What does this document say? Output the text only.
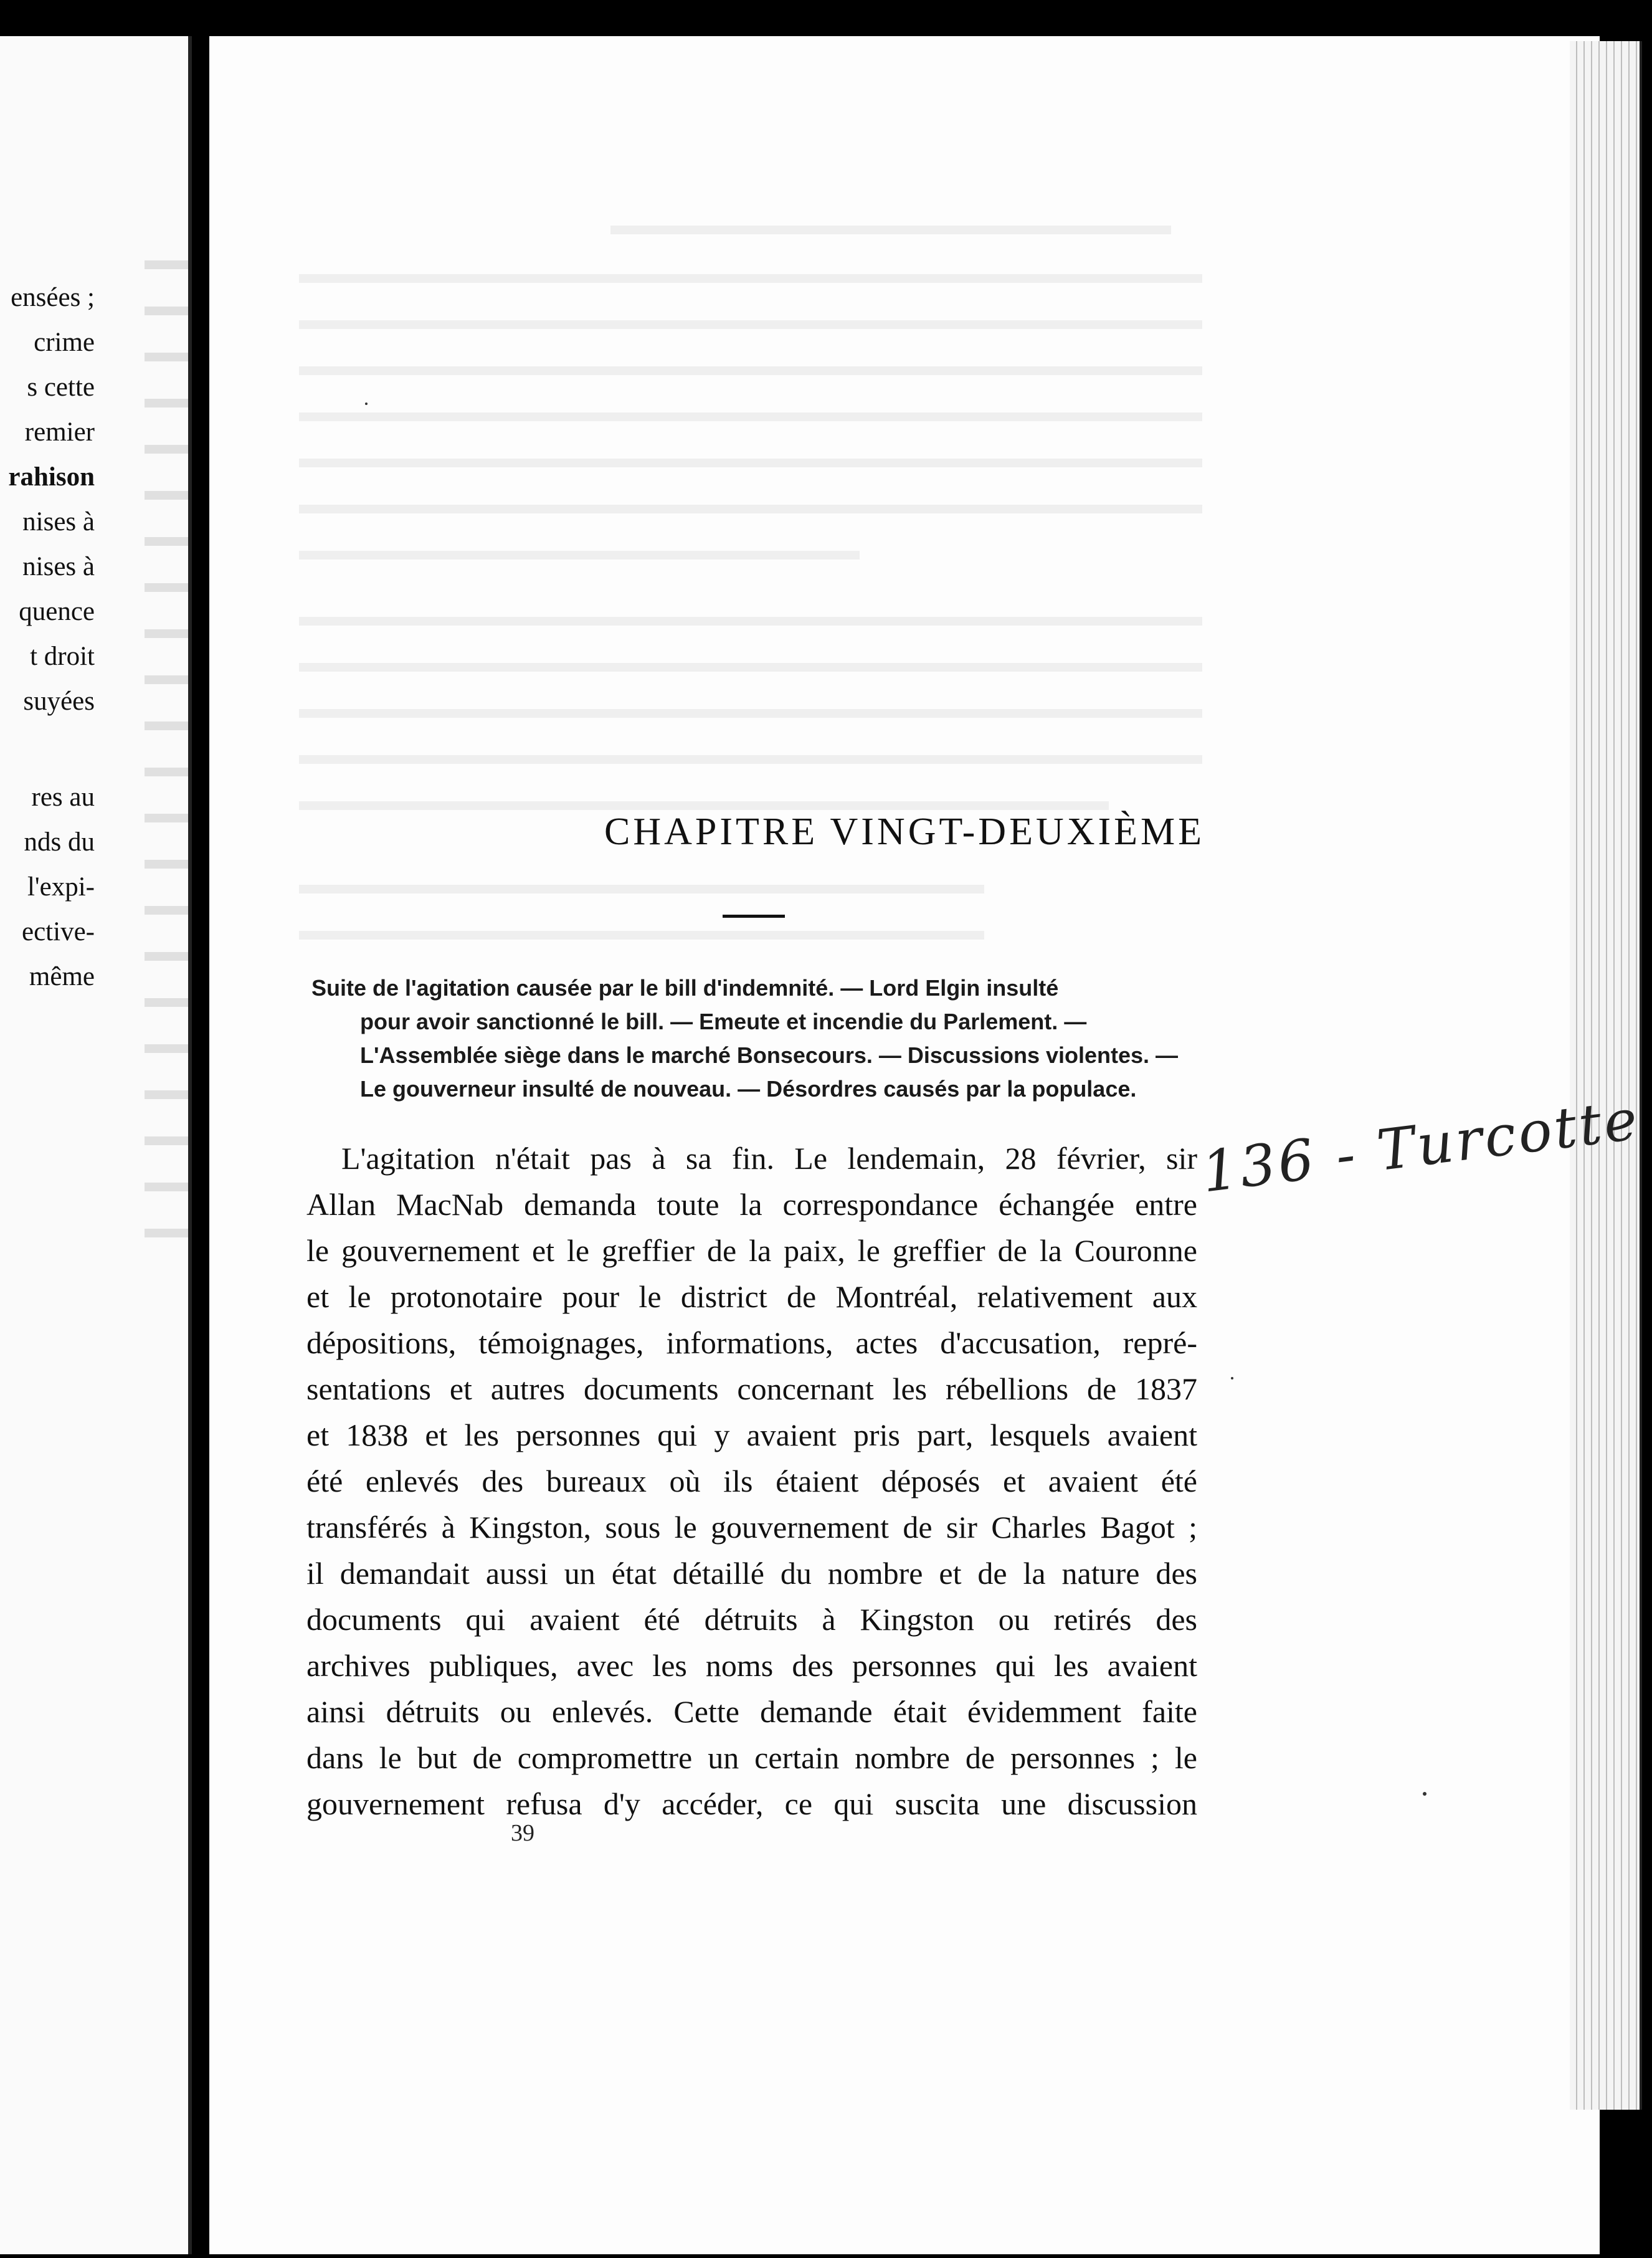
ensées ;
crime
s cette
remier
rahison
nises à
nises à
quence
t droit
suyées
res au
nds du
l'expi-
ective-
même
CHAPITRE VINGT-DEUXIÈME
Suite de l'agitation causée par le bill d'indemnité. — Lord Elgin insulté
pour avoir sanctionné le bill. — Emeute et incendie du Parlement. —
L'Assemblée siège dans le marché Bonsecours. — Discussions violentes. —
Le gouverneur insulté de nouveau. — Désordres causés par la populace.
L'agitation n'était pas à sa fin. Le lendemain, 28 février, sir
Allan MacNab demanda toute la correspondance échangée entre
le gouvernement et le greffier de la paix, le greffier de la Couronne
et le protonotaire pour le district de Montréal, relativement aux
dépositions, témoignages, informations, actes d'accusation, repré-
sentations et autres documents concernant les rébellions de 1837
et 1838 et les personnes qui y avaient pris part, lesquels avaient
été enlevés des bureaux où ils étaient déposés et avaient été
transférés à Kingston, sous le gouvernement de sir Charles Bagot ;
il demandait aussi un état détaillé du nombre et de la nature des
documents qui avaient été détruits à Kingston ou retirés des
archives publiques, avec les noms des personnes qui les avaient
ainsi détruits ou enlevés. Cette demande était évidemment faite
dans le but de compromettre un certain nombre de personnes ; le
gouvernement refusa d'y accéder, ce qui suscita une discussion
39
136 - Turcotte
